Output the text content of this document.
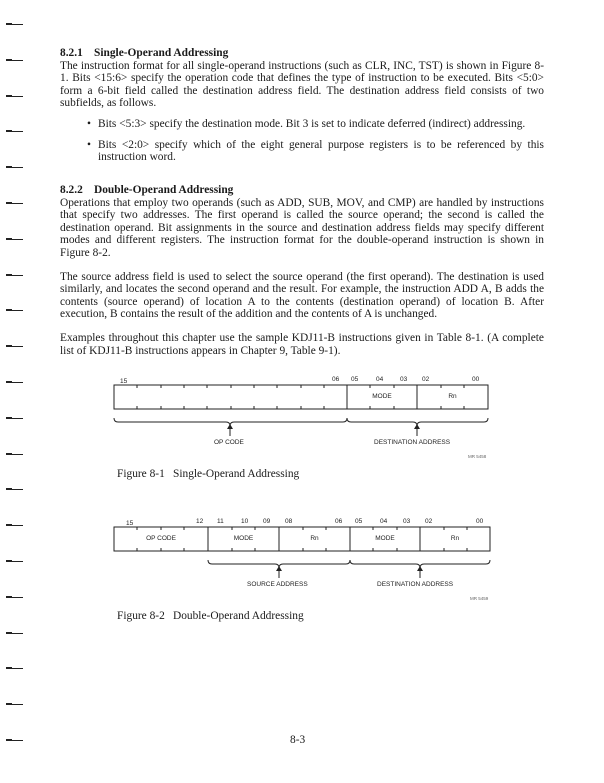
8.2.1 Single-Operand Addressing

The instruction format for all single-operand instructions (such as CLR, INC, TST) is shown in Figure 8-1. Bits <15:6> specify the operation code that defines the type of instruction to be executed. Bits <5:0> form a 6-bit field called the destination address field. The destination address field consists of two subfields, as follows.

• Bits <5:3> specify the destination mode. Bit 3 is set to indicate deferred (indirect) addressing.
• Bits <2:0> specify which of the eight general purpose registers is to be referenced by this instruction word.
8.2.2 Double-Operand Addressing

Operations that employ two operands (such as ADD, SUB, MOV, and CMP) are handled by instructions that specify two addresses. The first operand is called the source operand; the second is called the destination operand. Bit assignments in the source and destination address fields may specify different modes and different registers. The instruction format for the double-operand instruction is shown in Figure 8-2.

The source address field is used to select the source operand (the first operand). The destination is used similarly, and locates the second operand and the result. For example, the instruction ADD A, B adds the contents (source operand) of location A to the contents (destination operand) of location B. After execution, B contains the result of the addition and the contents of A is unchanged.

Examples throughout this chapter use the sample KDJ11-B instructions given in Table 8-1. (A complete list of KDJ11-B instructions appears in Chapter 9, Table 9-1).

15	06 05	04	03 02	00
MODE	Rn
OP CODE	DESTINATION ADDRESS
MR 5458
Figure 8-1 Single-Operand Addressing
15	12 11	10 09 08	06 05	04 03 02	00
OP CODE	MODE	Rn	MODE	Rn
SOURCE ADDRESS	DESTINATION ADDRESS
MR 5459
Figure 8-2 Double-Operand Addressing
8-3
